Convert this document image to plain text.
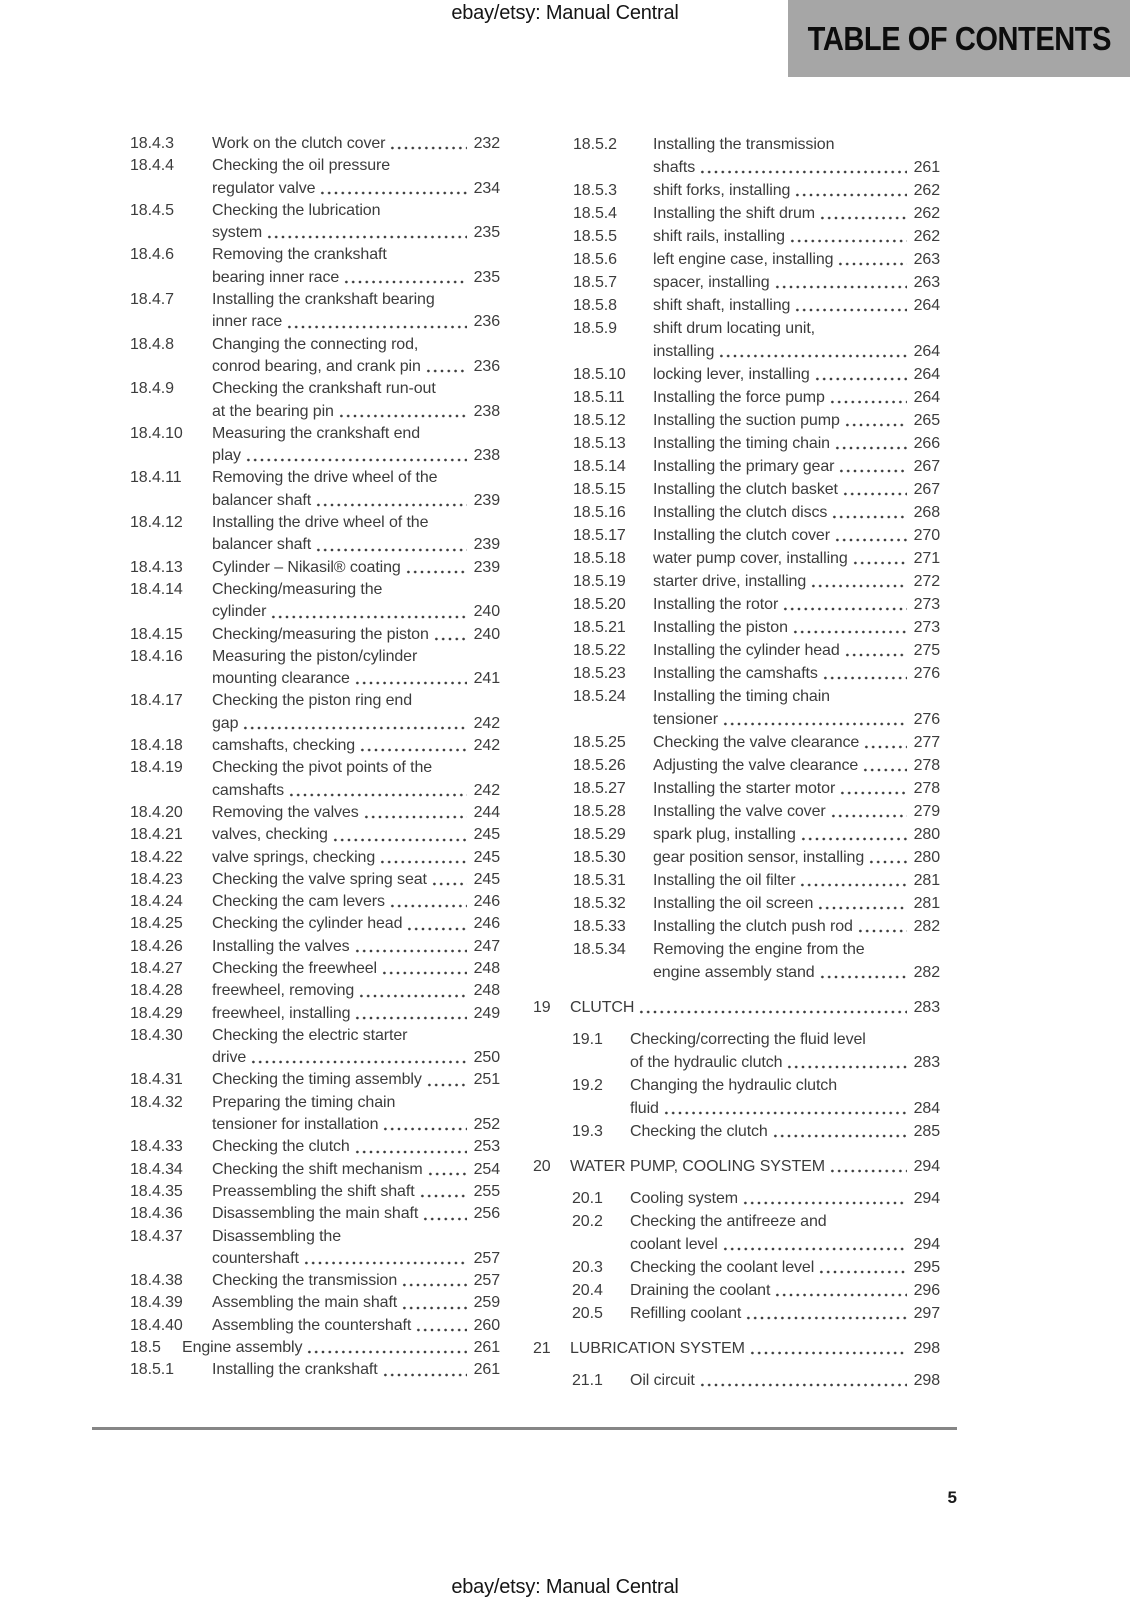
ebay/etsy: Manual Central
TABLE OF CONTENTS
18.4.3	Work on the clutch cover	232
18.4.4	Checking the oil pressure
regulator valve	234
18.4.5	Checking the lubrication
system	235
18.4.6	Removing the crankshaft
bearing inner race	235
18.4.7	Installing the crankshaft bearing
inner race	236
18.4.8	Changing the connecting rod,
conrod bearing, and crank pin	236
18.4.9	Checking the crankshaft run-out
at the bearing pin	238
18.4.10	Measuring the crankshaft end
play	238
18.4.11	Removing the drive wheel of the
balancer shaft	239
18.4.12	Installing the drive wheel of the
balancer shaft	239
18.4.13	Cylinder – Nikasil® coating	239
18.4.14	Checking/measuring the
cylinder	240
18.4.15	Checking/measuring the piston	240
18.4.16	Measuring the piston/cylinder
mounting clearance	241
18.4.17	Checking the piston ring end
gap	242
18.4.18	camshafts, checking	242
18.4.19	Checking the pivot points of the
camshafts	242
18.4.20	Removing the valves	244
18.4.21	valves, checking	245
18.4.22	valve springs, checking	245
18.4.23	Checking the valve spring seat	245
18.4.24	Checking the cam levers	246
18.4.25	Checking the cylinder head	246
18.4.26	Installing the valves	247
18.4.27	Checking the freewheel	248
18.4.28	freewheel, removing	248
18.4.29	freewheel, installing	249
18.4.30	Checking the electric starter
drive	250
18.4.31	Checking the timing assembly	251
18.4.32	Preparing the timing chain
tensioner for installation	252
18.4.33	Checking the clutch	253
18.4.34	Checking the shift mechanism	254
18.4.35	Preassembling the shift shaft	255
18.4.36	Disassembling the main shaft	256
18.4.37	Disassembling the
countershaft	257
18.4.38	Checking the transmission	257
18.4.39	Assembling the main shaft	259
18.4.40	Assembling the countershaft	260
18.5	Engine assembly	261
18.5.1	Installing the crankshaft	261
18.5.2	Installing the transmission
shafts	261
18.5.3	shift forks, installing	262
18.5.4	Installing the shift drum	262
18.5.5	shift rails, installing	262
18.5.6	left engine case, installing	263
18.5.7	spacer, installing	263
18.5.8	shift shaft, installing	264
18.5.9	shift drum locating unit,
installing	264
18.5.10	locking lever, installing	264
18.5.11	Installing the force pump	264
18.5.12	Installing the suction pump	265
18.5.13	Installing the timing chain	266
18.5.14	Installing the primary gear	267
18.5.15	Installing the clutch basket	267
18.5.16	Installing the clutch discs	268
18.5.17	Installing the clutch cover	270
18.5.18	water pump cover, installing	271
18.5.19	starter drive, installing	272
18.5.20	Installing the rotor	273
18.5.21	Installing the piston	273
18.5.22	Installing the cylinder head	275
18.5.23	Installing the camshafts	276
18.5.24	Installing the timing chain
tensioner	276
18.5.25	Checking the valve clearance	277
18.5.26	Adjusting the valve clearance	278
18.5.27	Installing the starter motor	278
18.5.28	Installing the valve cover	279
18.5.29	spark plug, installing	280
18.5.30	gear position sensor, installing	280
18.5.31	Installing the oil filter	281
18.5.32	Installing the oil screen	281
18.5.33	Installing the clutch push rod	282
18.5.34	Removing the engine from the
engine assembly stand	282
19	CLUTCH	283
19.1	Checking/correcting the fluid level
of the hydraulic clutch	283
19.2	Changing the hydraulic clutch
fluid	284
19.3	Checking the clutch	285
20	WATER PUMP, COOLING SYSTEM	294
20.1	Cooling system	294
20.2	Checking the antifreeze and
coolant level	294
20.3	Checking the coolant level	295
20.4	Draining the coolant	296
20.5	Refilling coolant	297
21	LUBRICATION SYSTEM	298
21.1	Oil circuit	298
5
ebay/etsy: Manual Central
